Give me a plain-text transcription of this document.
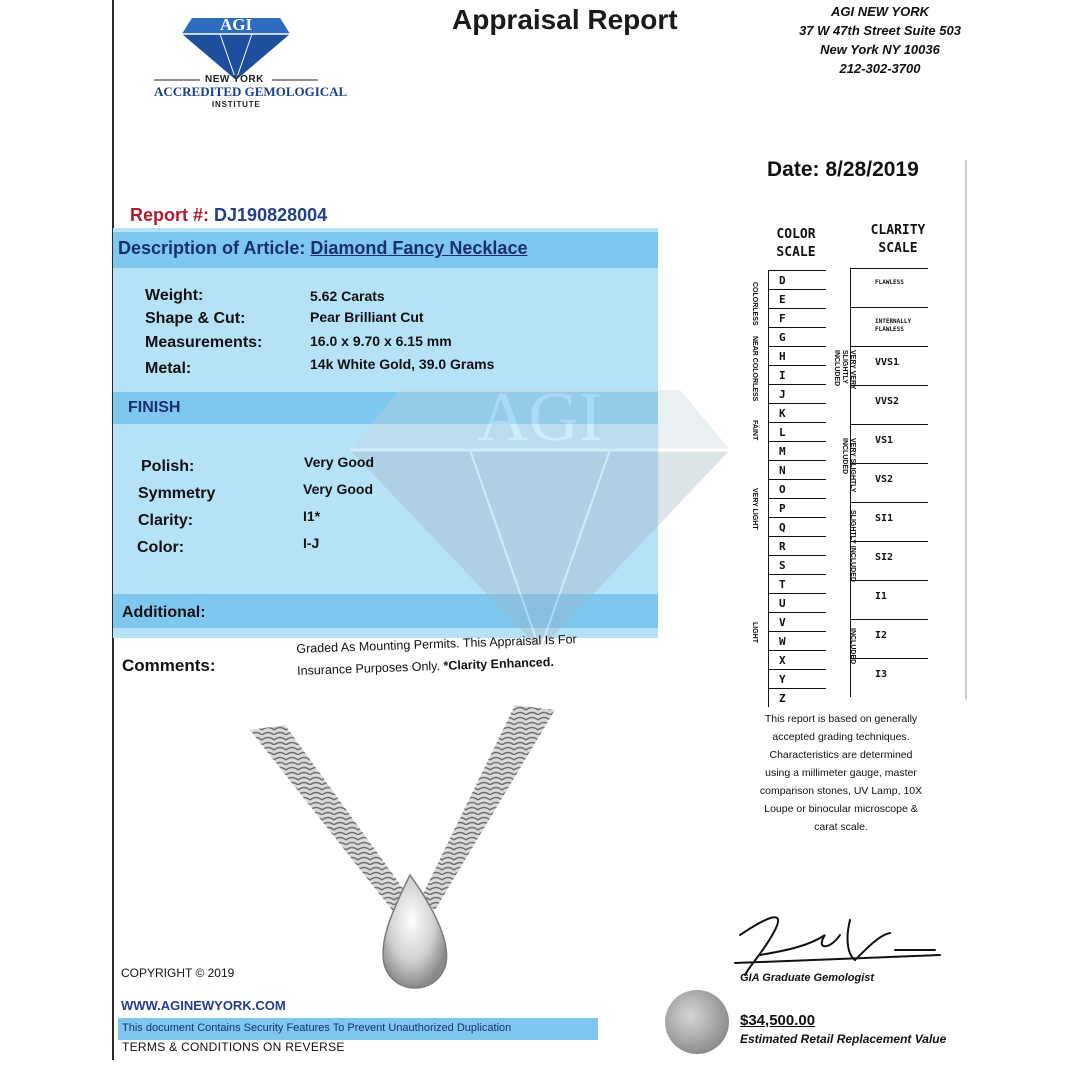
AGI
NEW YORK
ACCREDITED GEMOLOGICAL
INSTITUTE
Appraisal Report	AGI NEW YORK
37 W 47th Street Suite 503
New York NY 10036
212-302-3700
Date: 8/28/2019
Report #: DJ190828004
AGI
Description of Article: Diamond Fancy Necklace
Weight:	5.62 Carats
Shape & Cut:	Pear Brilliant Cut
Measurements:	16.0 x 9.70 x 6.15 mm
Metal:	14k White Gold, 39.0 Grams
FINISH
Polish:	Very Good
Symmetry	Very Good
Clarity:	I1*
Color:	I-J
Additional:
Comments:
Graded As Mounting Permits. This Appraisal Is For Insurance Purposes Only. *Clarity Enhanced.
COLOR
SCALE
D
E
F
G
H
I
J
K
L
M
N
O
P
Q
R
S
T
U
V
W
X
Y
Z
COLORLESS
NEAR COLORLESS
FAINT
VERY LIGHT
LIGHT
CLARITY
SCALE
FLAWLESS
INTERNALLY FLAWLESS
VVS1
VVS2
VS1
VS2
SI1
SI2
I1
I2
I3
VERY VERY SLIGHTLY INCLUDED
VERY SLIGHTLY INCLUDED
SLIGHTLY INCLUDED
INCLUDED
This report is based on generally accepted grading techniques. Characteristics are determined using a millimeter gauge, master comparison stones, UV Lamp, 10X Loupe or binocular microscope & carat scale.
COPYRIGHT © 2019
WWW.AGINEWYORK.COM
This document Contains Security Features To Prevent Unauthorized Duplication
TERMS & CONDITIONS ON REVERSE
GIA Graduate Gemologist
$34,500.00
Estimated Retail Replacement Value
